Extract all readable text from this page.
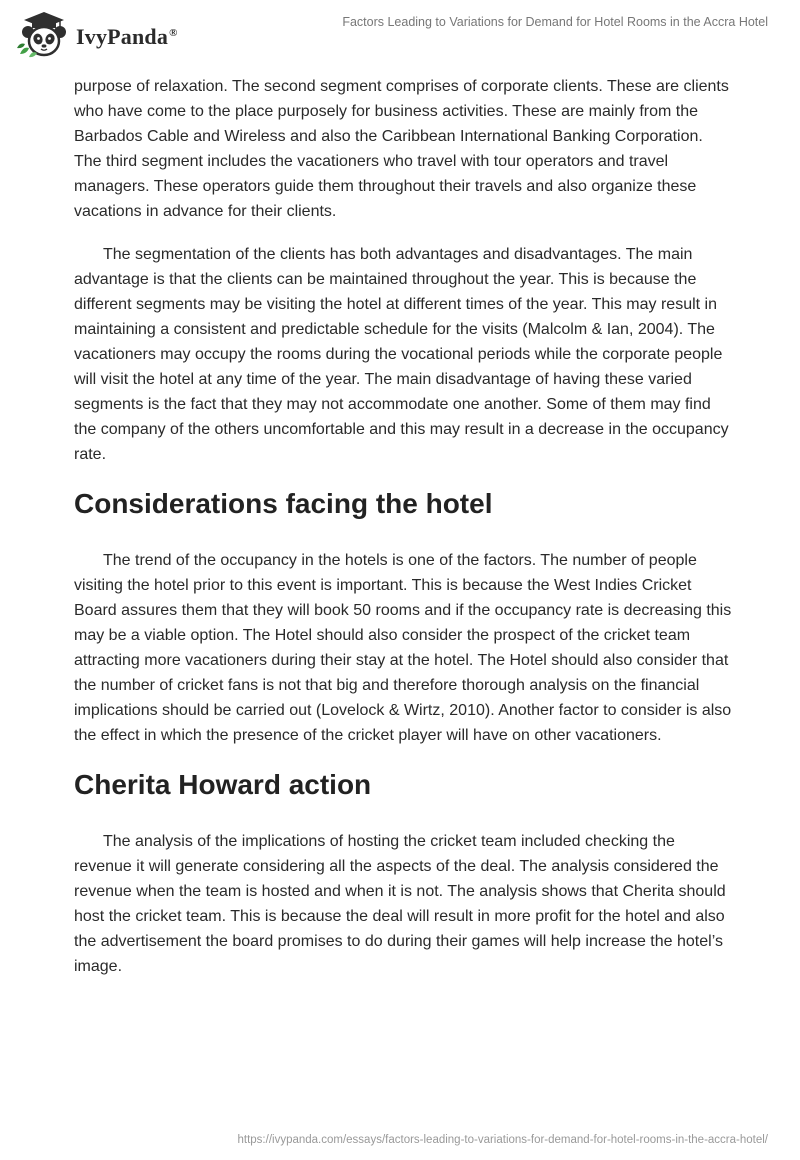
IvyPanda®
Factors Leading to Variations for Demand for Hotel Rooms in the Accra Hotel

purpose of relaxation. The second segment comprises of corporate clients. These are clients who have come to the place purposely for business activities. These are mainly from the Barbados Cable and Wireless and also the Caribbean International Banking Corporation. The third segment includes the vacationers who travel with tour operators and travel managers. These operators guide them throughout their travels and also organize these vacations in advance for their clients.

The segmentation of the clients has both advantages and disadvantages. The main advantage is that the clients can be maintained throughout the year. This is because the different segments may be visiting the hotel at different times of the year. This may result in maintaining a consistent and predictable schedule for the visits (Malcolm & Ian, 2004). The vacationers may occupy the rooms during the vocational periods while the corporate people will visit the hotel at any time of the year. The main disadvantage of having these varied segments is the fact that they may not accommodate one another. Some of them may find the company of the others uncomfortable and this may result in a decrease in the occupancy rate.

Considerations facing the hotel

The trend of the occupancy in the hotels is one of the factors. The number of people visiting the hotel prior to this event is important. This is because the West Indies Cricket Board assures them that they will book 50 rooms and if the occupancy rate is decreasing this may be a viable option. The Hotel should also consider the prospect of the cricket team attracting more vacationers during their stay at the hotel. The Hotel should also consider that the number of cricket fans is not that big and therefore thorough analysis on the financial implications should be carried out (Lovelock & Wirtz, 2010). Another factor to consider is also the effect in which the presence of the cricket player will have on other vacationers.

Cherita Howard action

The analysis of the implications of hosting the cricket team included checking the revenue it will generate considering all the aspects of the deal. The analysis considered the revenue when the team is hosted and when it is not. The analysis shows that Cherita should host the cricket team. This is because the deal will result in more profit for the hotel and also the advertisement the board promises to do during their games will help increase the hotel’s image.

https://ivypanda.com/essays/factors-leading-to-variations-for-demand-for-hotel-rooms-in-the-accra-hotel/
